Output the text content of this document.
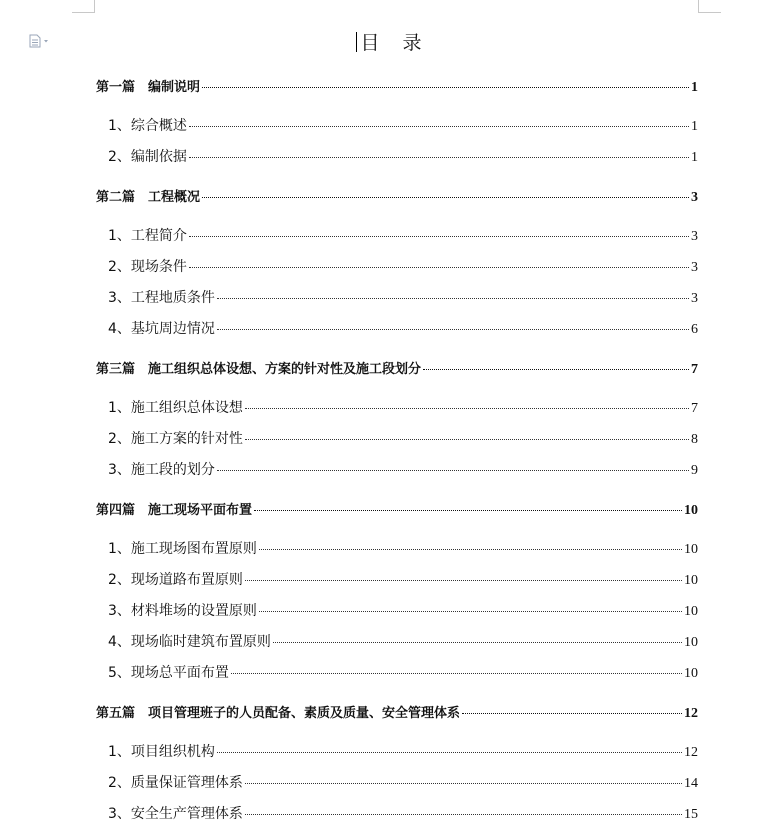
目　录
第一篇　编制说明	1
1、综合概述	1
2、编制依据	1
第二篇　工程概况	3
1、工程简介	3
2、现场条件	3
3、工程地质条件	3
4、基坑周边情况	6
第三篇　施工组织总体设想、方案的针对性及施工段划分	7
1、施工组织总体设想	7
2、施工方案的针对性	8
3、施工段的划分	9
第四篇　施工现场平面布置	10
1、施工现场图布置原则	10
2、现场道路布置原则	10
3、材料堆场的设置原则	10
4、现场临时建筑布置原则	10
5、现场总平面布置	10
第五篇　项目管理班子的人员配备、素质及质量、安全管理体系	12
1、项目组织机构	12
2、质量保证管理体系	14
3、安全生产管理体系	15
